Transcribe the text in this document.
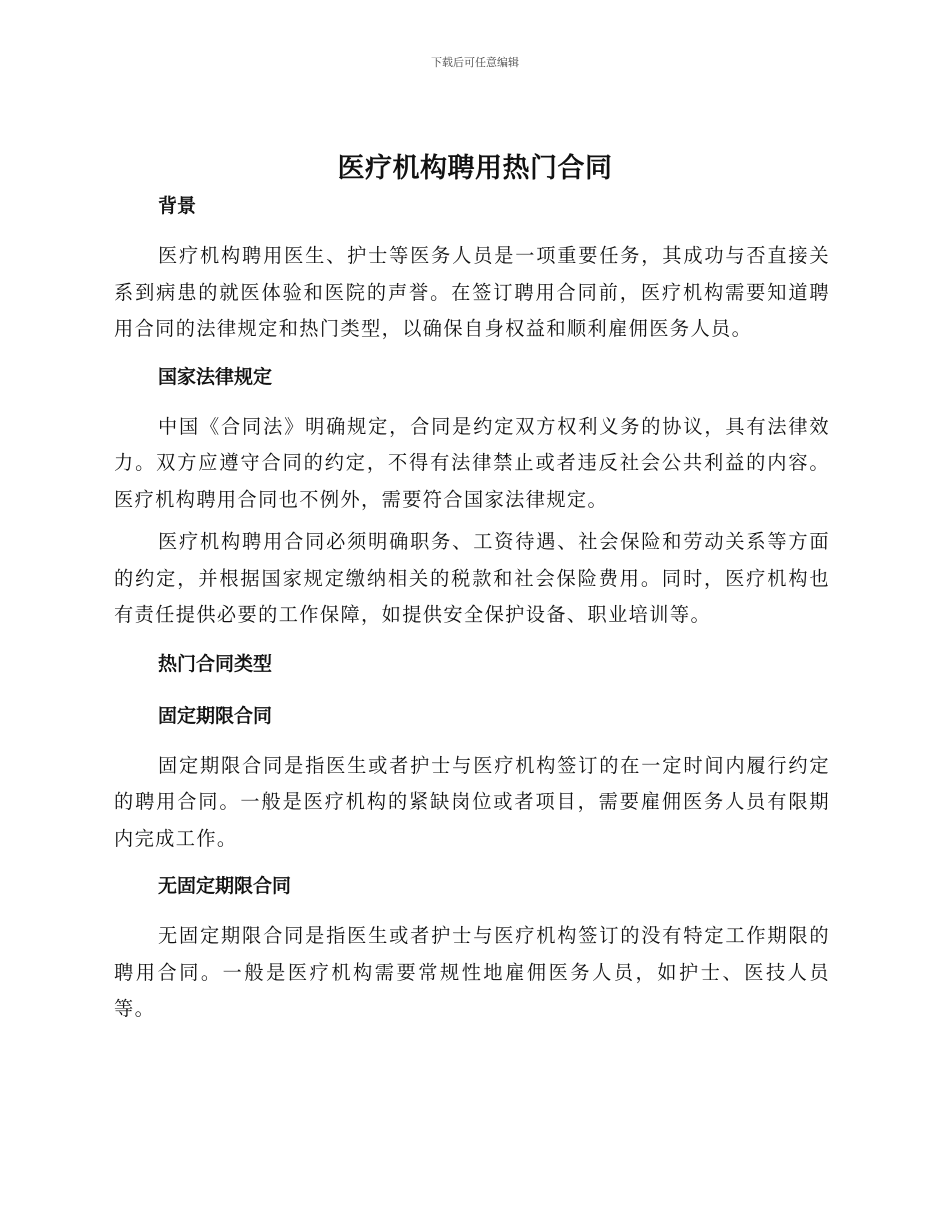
下载后可任意编辑
医疗机构聘用热门合同
背景

医疗机构聘用医生、护士等医务人员是一项重要任务，其成功与否直接关系到病患的就医体验和医院的声誉。在签订聘用合同前，医疗机构需要知道聘用合同的法律规定和热门类型，以确保自身权益和顺利雇佣医务人员。

国家法律规定

中国《合同法》明确规定，合同是约定双方权利义务的协议，具有法律效力。双方应遵守合同的约定，不得有法律禁止或者违反社会公共利益的内容。医疗机构聘用合同也不例外，需要符合国家法律规定。

医疗机构聘用合同必须明确职务、工资待遇、社会保险和劳动关系等方面的约定，并根据国家规定缴纳相关的税款和社会保险费用。同时，医疗机构也有责任提供必要的工作保障，如提供安全保护设备、职业培训等。

热门合同类型
固定期限合同

固定期限合同是指医生或者护士与医疗机构签订的在一定时间内履行约定的聘用合同。一般是医疗机构的紧缺岗位或者项目，需要雇佣医务人员有限期内完成工作。

无固定期限合同

无固定期限合同是指医生或者护士与医疗机构签订的没有特定工作期限的聘用合同。一般是医疗机构需要常规性地雇佣医务人员，如护士、医技人员等。
